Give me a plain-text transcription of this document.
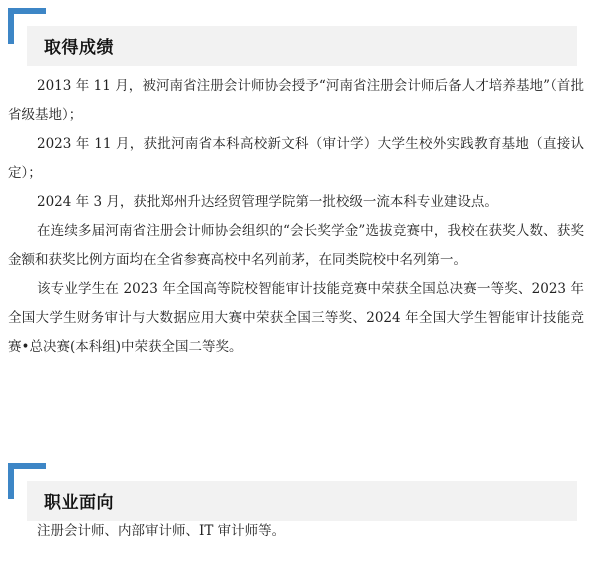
取得成绩

2013 年 11 月，被河南省注册会计师协会授予“河南省注册会计师后备人才培养基地”（首批省级基地）；

2023 年 11 月，获批河南省本科高校新文科（审计学）大学生校外实践教育基地（直接认定）；

2024 年 3 月，获批郑州升达经贸管理学院第一批校级一流本科专业建设点。

在连续多届河南省注册会计师协会组织的“会长奖学金”选拔竞赛中，我校在获奖人数、获奖金额和获奖比例方面均在全省参赛高校中名列前茅，在同类院校中名列第一。

该专业学生在 2023 年全国高等院校智能审计技能竞赛中荣获全国总决赛一等奖、2023 年全国大学生财务审计与大数据应用大赛中荣获全国三等奖、2024 年全国大学生智能审计技能竞赛•总决赛(本科组)中荣获全国二等奖。

职业面向

注册会计师、内部审计师、IT 审计师等。
